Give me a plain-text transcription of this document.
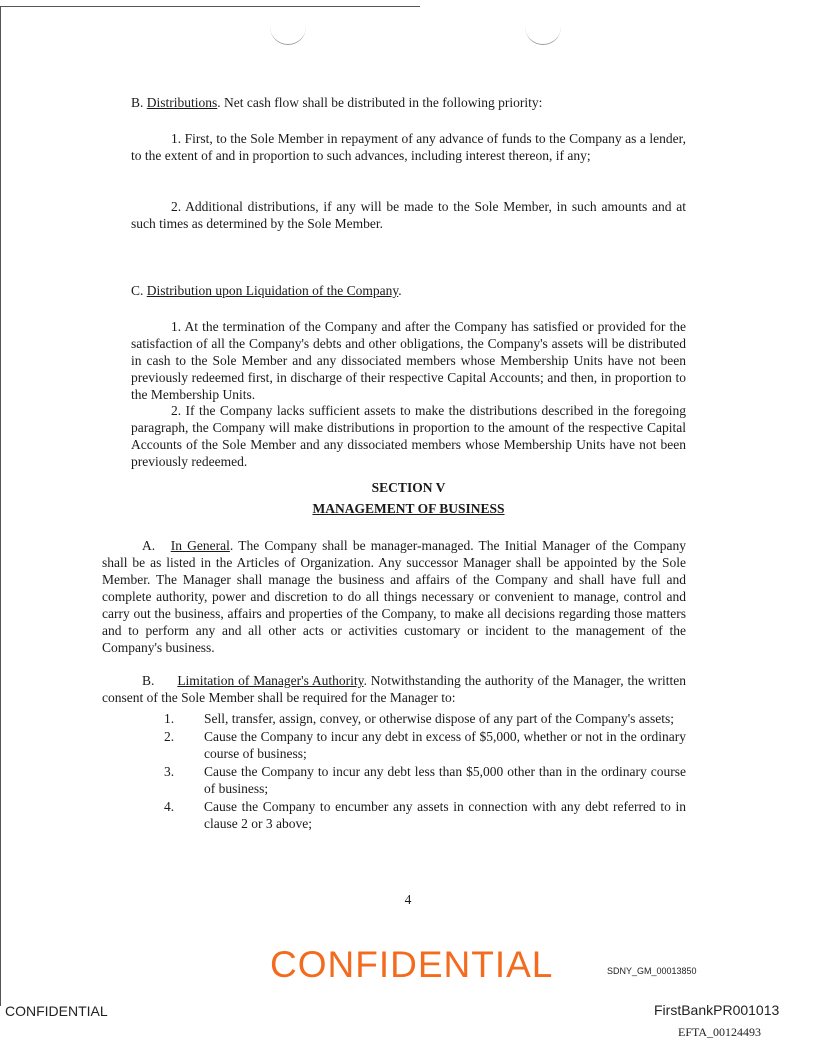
B. Distributions. Net cash flow shall be distributed in the following priority:

1. First, to the Sole Member in repayment of any advance of funds to the Company as a lender, to the extent of and in proportion to such advances, including interest thereon, if any;

2. Additional distributions, if any will be made to the Sole Member, in such amounts and at such times as determined by the Sole Member.

C. Distribution upon Liquidation of the Company.

1. At the termination of the Company and after the Company has satisfied or provided for the satisfaction of all the Company's debts and other obligations, the Company's assets will be distributed in cash to the Sole Member and any dissociated members whose Membership Units have not been previously redeemed first, in discharge of their respective Capital Accounts; and then, in proportion to the Membership Units.

2. If the Company lacks sufficient assets to make the distributions described in the foregoing paragraph, the Company will make distributions in proportion to the amount of the respective Capital Accounts of the Sole Member and any dissociated members whose Membership Units have not been previously redeemed.

SECTION V
MANAGEMENT OF BUSINESS

A. In General. The Company shall be manager-managed. The Initial Manager of the Company shall be as listed in the Articles of Organization. Any successor Manager shall be appointed by the Sole Member. The Manager shall manage the business and affairs of the Company and shall have full and complete authority, power and discretion to do all things necessary or convenient to manage, control and carry out the business, affairs and properties of the Company, to make all decisions regarding those matters and to perform any and all other acts or activities customary or incident to the management of the Company's business.

B. Limitation of Manager's Authority. Notwithstanding the authority of the Manager, the written consent of the Sole Member shall be required for the Manager to:

1.	Sell, transfer, assign, convey, or otherwise dispose of any part of the Company's assets;
2.	Cause the Company to incur any debt in excess of $5,000, whether or not in the ordinary course of business;
3.	Cause the Company to incur any debt less than $5,000 other than in the ordinary course of business;
4.	Cause the Company to encumber any assets in connection with any debt referred to in clause 2 or 3 above;
4
CONFIDENTIAL
CONFIDENTIAL
SDNY_GM_00013850
FirstBankPR001013
EFTA_00124493
